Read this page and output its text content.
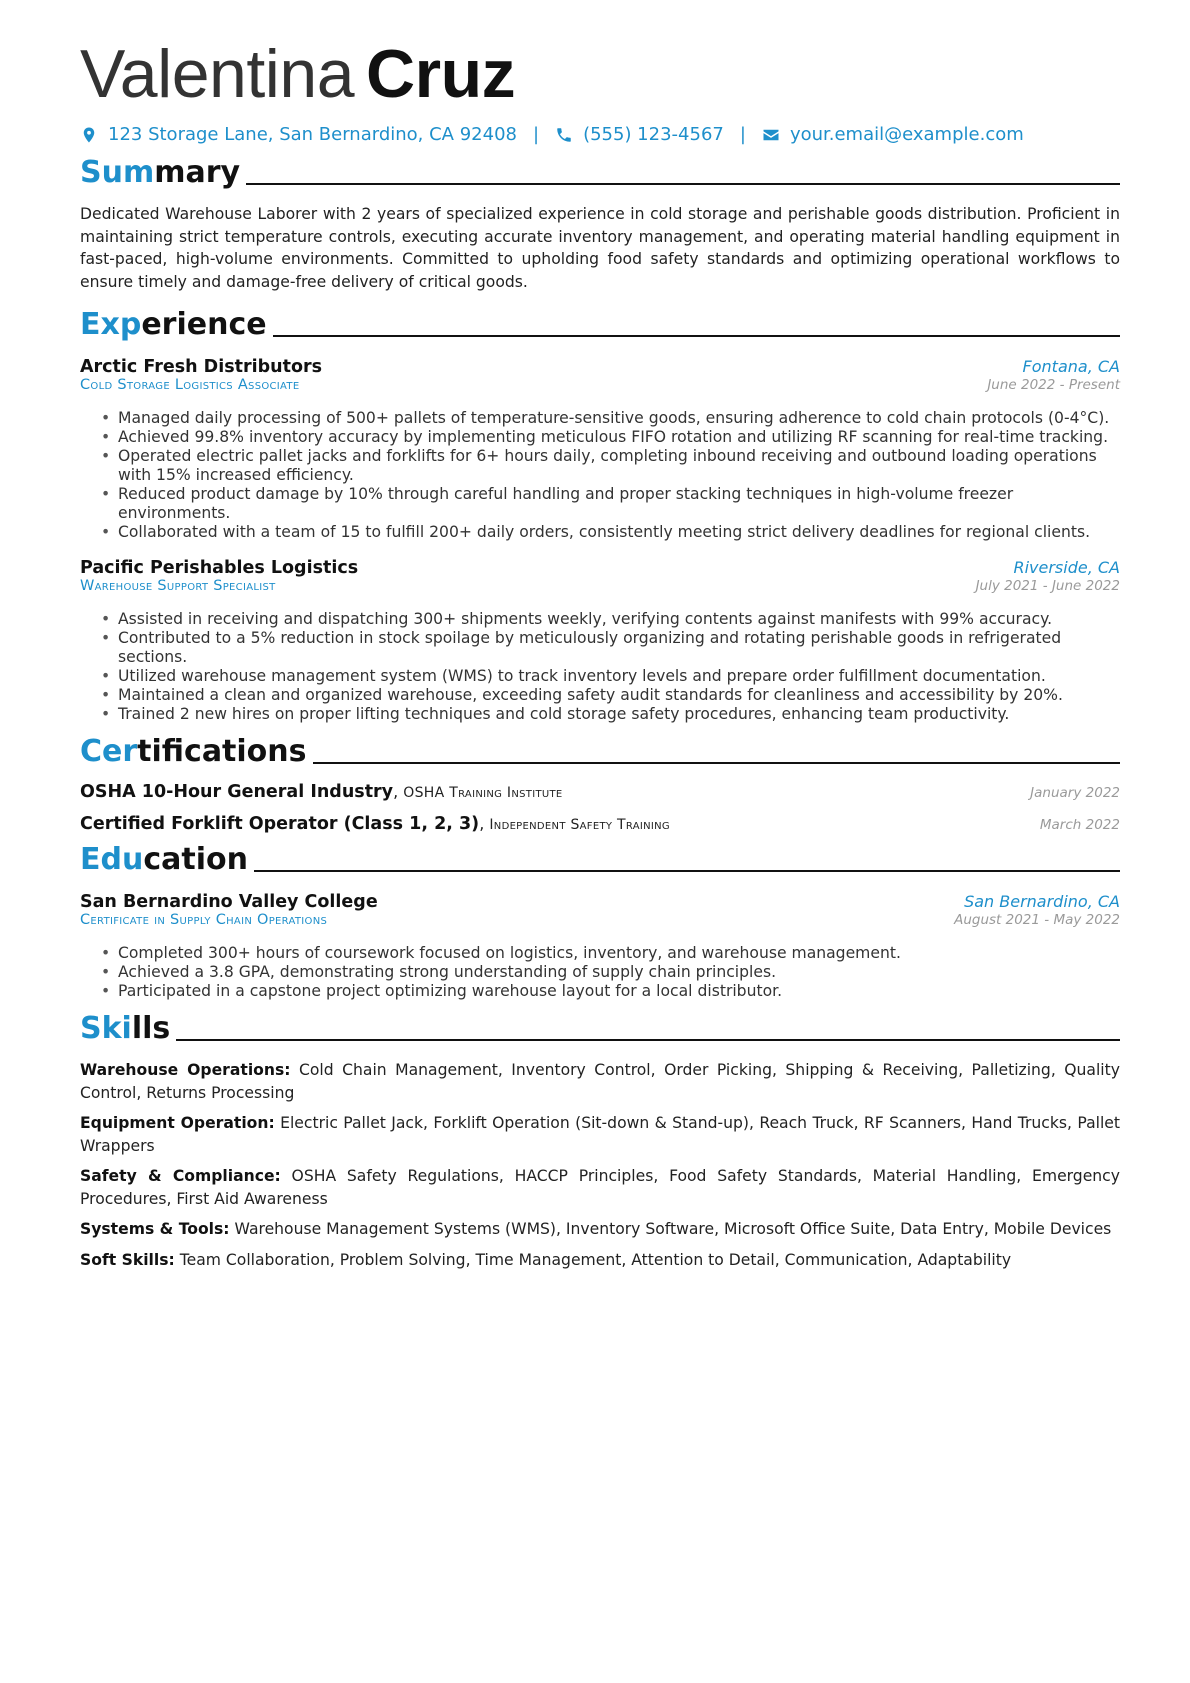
Valentina Cruz
123 Storage Lane, San Bernardino, CA 92408 | (555) 123-4567 | your.email@example.com
Summary
Dedicated Warehouse Laborer with 2 years of specialized experience in cold storage and perishable goods distribution. Proficient in maintaining strict temperature controls, executing accurate inventory management, and operating material handling equipment in fast-paced, high-volume environments. Committed to upholding food safety standards and optimizing operational workflows to ensure timely and damage-free delivery of critical goods.
Experience
Arctic Fresh Distributors	Fontana, CA
Cold Storage Logistics Associate	June 2022 - Present
• Managed daily processing of 500+ pallets of temperature-sensitive goods, ensuring adherence to cold chain protocols (0-4°C).
• Achieved 99.8% inventory accuracy by implementing meticulous FIFO rotation and utilizing RF scanning for real-time tracking.
• Operated electric pallet jacks and forklifts for 6+ hours daily, completing inbound receiving and outbound loading operations with 15% increased efficiency.
• Reduced product damage by 10% through careful handling and proper stacking techniques in high-volume freezer environments.
• Collaborated with a team of 15 to fulfill 200+ daily orders, consistently meeting strict delivery deadlines for regional clients.
Pacific Perishables Logistics	Riverside, CA
Warehouse Support Specialist	July 2021 - June 2022
• Assisted in receiving and dispatching 300+ shipments weekly, verifying contents against manifests with 99% accuracy.
• Contributed to a 5% reduction in stock spoilage by meticulously organizing and rotating perishable goods in refrigerated sections.
• Utilized warehouse management system (WMS) to track inventory levels and prepare order fulfillment documentation.
• Maintained a clean and organized warehouse, exceeding safety audit standards for cleanliness and accessibility by 20%.
• Trained 2 new hires on proper lifting techniques and cold storage safety procedures, enhancing team productivity.
Certifications
OSHA 10-Hour General Industry, OSHA Training Institute	January 2022
Certified Forklift Operator (Class 1, 2, 3), Independent Safety Training	March 2022
Education
San Bernardino Valley College	San Bernardino, CA
Certificate in Supply Chain Operations	August 2021 - May 2022
• Completed 300+ hours of coursework focused on logistics, inventory, and warehouse management.
• Achieved a 3.8 GPA, demonstrating strong understanding of supply chain principles.
• Participated in a capstone project optimizing warehouse layout for a local distributor.
Skills
Warehouse Operations: Cold Chain Management, Inventory Control, Order Picking, Shipping & Receiving, Palletizing, Quality Control, Returns Processing
Equipment Operation: Electric Pallet Jack, Forklift Operation (Sit-down & Stand-up), Reach Truck, RF Scanners, Hand Trucks, Pallet Wrappers
Safety & Compliance: OSHA Safety Regulations, HACCP Principles, Food Safety Standards, Material Handling, Emergency Procedures, First Aid Awareness
Systems & Tools: Warehouse Management Systems (WMS), Inventory Software, Microsoft Office Suite, Data Entry, Mobile Devices
Soft Skills: Team Collaboration, Problem Solving, Time Management, Attention to Detail, Communication, Adaptability
